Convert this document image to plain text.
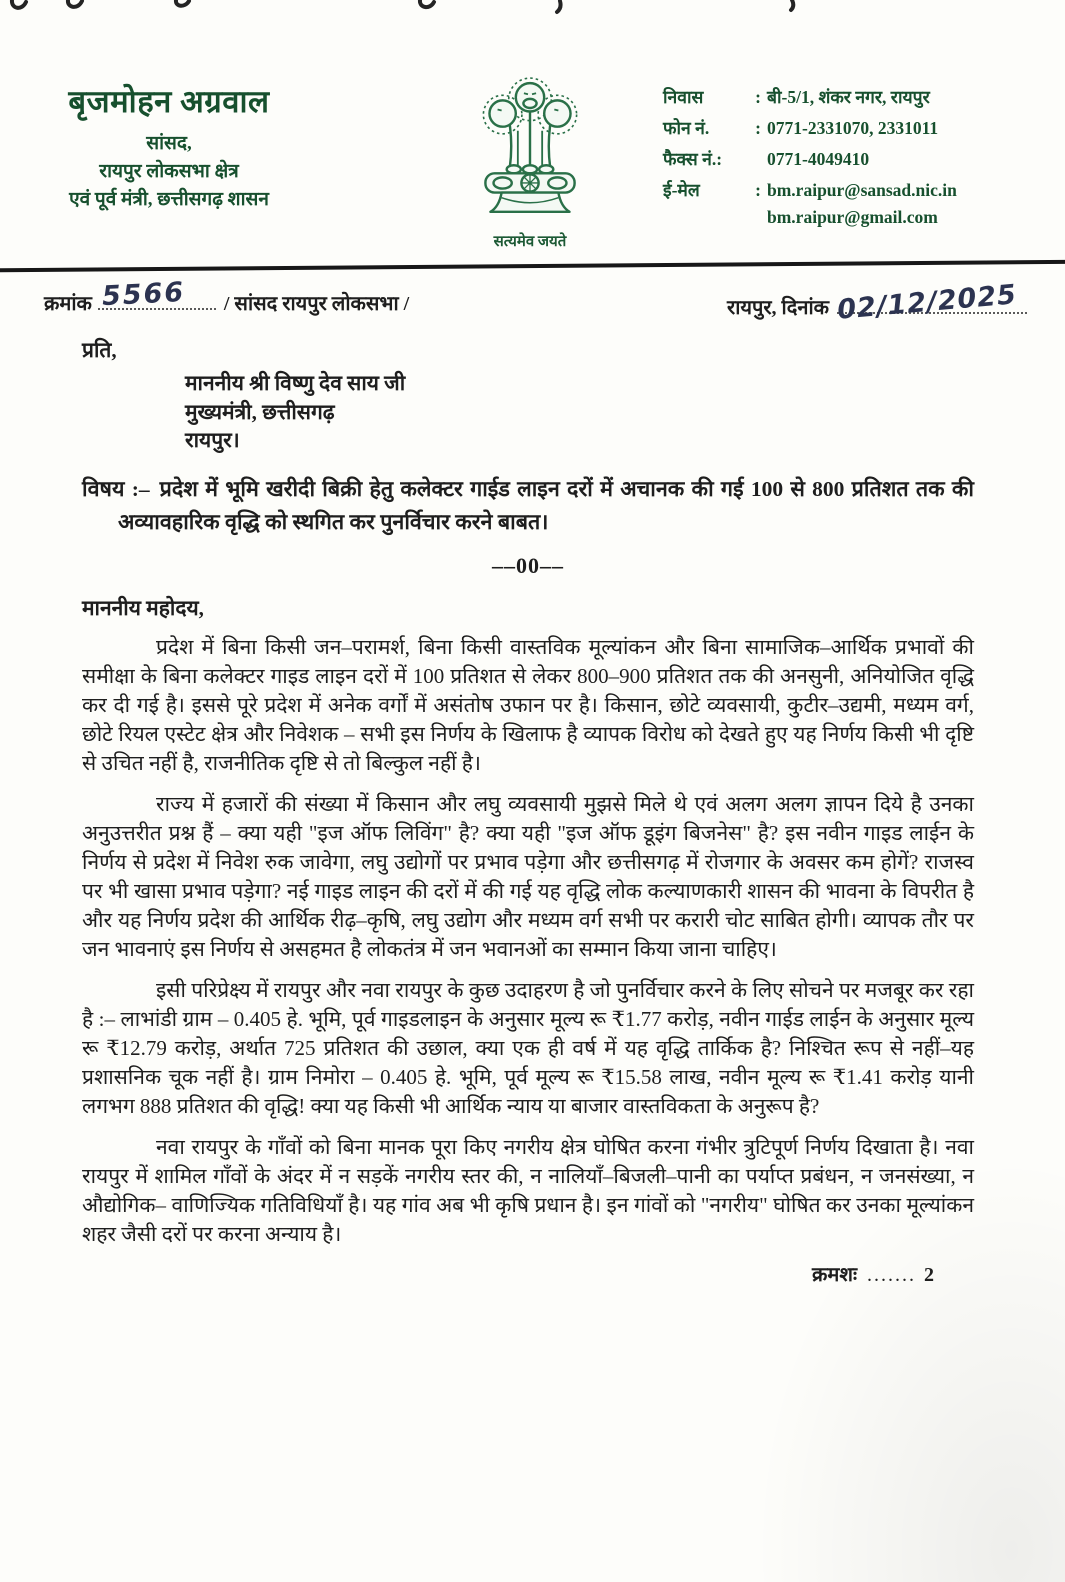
बृजमोहन अग्रवाल
सांसद,
रायपुर लोकसभा क्षेत्र
एवं पूर्व मंत्री, छत्तीसगढ़ शासन
सत्यमेव जयते
निवास	: बी-5/1, शंकर नगर, रायपुर
फोन नं.	: 0771-2331070, 2331011
फैक्स नं.:	0771-4049410
ई-मेल	: bm.raipur@sansad.nic.in
bm.raipur@gmail.com
क्रमांक 5566 / सांसद रायपुर लोकसभा /	रायपुर, दिनांक 02/12/2025
प्रति,
माननीय श्री विष्णु देव साय जी
मुख्यमंत्री, छत्तीसगढ़
रायपुर।
विषय :– प्रदेश में भूमि खरीदी बिक्री हेतु कलेक्टर गाईड लाइन दरों में अचानक की गई 100 से 800 प्रतिशत तक की अव्यावहारिक वृद्धि को स्थगित कर पुनर्विचार करने बाबत।
––00––
माननीय महोदय,

प्रदेश में बिना किसी जन–परामर्श, बिना किसी वास्तविक मूल्यांकन और बिना सामाजिक–आर्थिक प्रभावों की समीक्षा के बिना कलेक्टर गाइड लाइन दरों में 100 प्रतिशत से लेकर 800–900 प्रतिशत तक की अनसुनी, अनियोजित वृद्धि कर दी गई है। इससे पूरे प्रदेश में अनेक वर्गों में असंतोष उफान पर है। किसान, छोटे व्यवसायी, कुटीर–उद्यमी, मध्यम वर्ग, छोटे रियल एस्टेट क्षेत्र और निवेशक – सभी इस निर्णय के खिलाफ है व्यापक विरोध को देखते हुए यह निर्णय किसी भी दृष्टि से उचित नहीं है, राजनीतिक दृष्टि से तो बिल्कुल नहीं है।

राज्य में हजारों की संख्या में किसान और लघु व्यवसायी मुझसे मिले थे एवं अलग अलग ज्ञापन दिये है उनका अनुउत्तरीत प्रश्न हैं – क्या यही "इज ऑफ लिविंग" है? क्या यही "इज ऑफ डूइंग बिजनेस" है? इस नवीन गाइड लाईन के निर्णय से प्रदेश में निवेश रुक जावेगा, लघु उद्योगों पर प्रभाव पड़ेगा और छत्तीसगढ़ में रोजगार के अवसर कम होगें? राजस्व पर भी खासा प्रभाव पड़ेगा? नई गाइड लाइन की दरों में की गई यह वृद्धि लोक कल्याणकारी शासन की भावना के विपरीत है और यह निर्णय प्रदेश की आर्थिक रीढ़–कृषि, लघु उद्योग और मध्यम वर्ग सभी पर करारी चोट साबित होगी। व्यापक तौर पर जन भावनाएं इस निर्णय से असहमत है लोकतंत्र में जन भवानओं का सम्मान किया जाना चाहिए।

इसी परिप्रेक्ष्य में रायपुर और नवा रायपुर के कुछ उदाहरण है जो पुनर्विचार करने के लिए सोचने पर मजबूर कर रहा है :– लाभांडी ग्राम – 0.405 हे. भूमि, पूर्व गाइडलाइन के अनुसार मूल्य रू ₹1.77 करोड़, नवीन गाईड लाईन के अनुसार मूल्य रू ₹12.79 करोड़, अर्थात 725 प्रतिशत की उछाल, क्या एक ही वर्ष में यह वृद्धि तार्किक है? निश्चित रूप से नहीं–यह प्रशासनिक चूक नहीं है। ग्राम निमोरा – 0.405 हे. भूमि, पूर्व मूल्य रू ₹15.58 लाख, नवीन मूल्य रू ₹1.41 करोड़ यानी लगभग 888 प्रतिशत की वृद्धि! क्या यह किसी भी आर्थिक न्याय या बाजार वास्तविकता के अनुरूप है?

नवा रायपुर के गाँवों को बिना मानक पूरा किए नगरीय क्षेत्र घोषित करना गंभीर त्रुटिपूर्ण निर्णय दिखाता है। नवा रायपुर में शामिल गाँवों के अंदर में न सड़कें नगरीय स्तर की, न नालियाँ–बिजली–पानी का पर्याप्त प्रबंधन, न जनसंख्या, न औद्योगिक– वाणिज्यिक गतिविधियाँ है। यह गांव अब भी कृषि प्रधान है। इन गांवों को "नगरीय" घोषित कर उनका मूल्यांकन शहर जैसी दरों पर करना अन्याय है।

क्रमशः ....... 2
